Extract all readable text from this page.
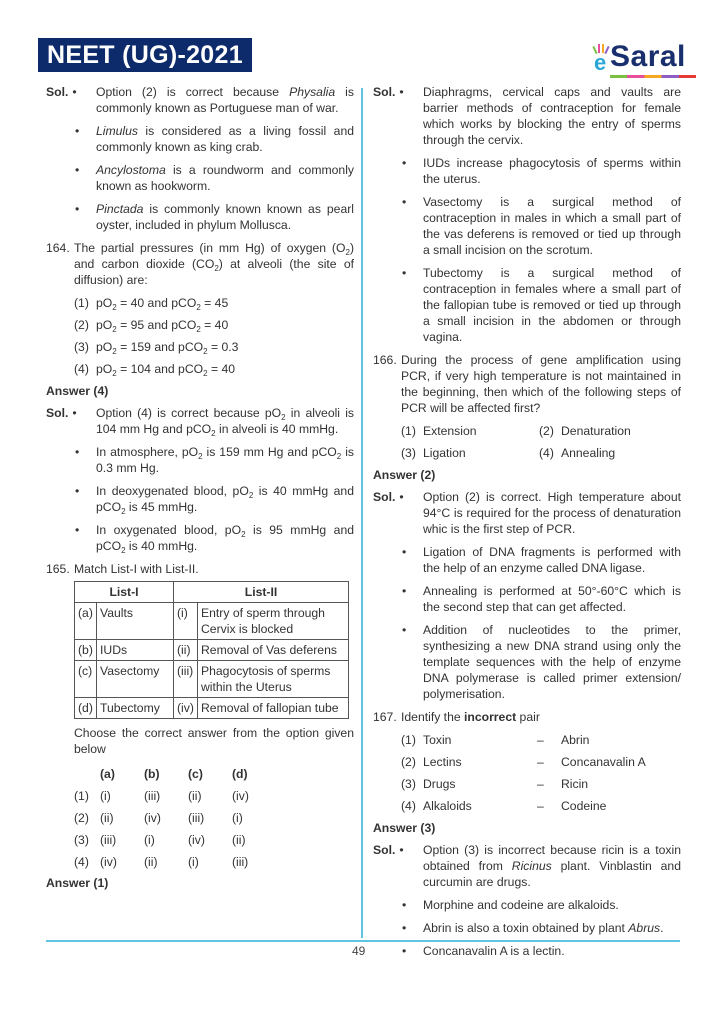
NEET (UG)-2021	e Saral
Sol. •	Option (2) is correct because Physalia is commonly known as Portuguese man of war.
•	Limulus is considered as a living fossil and commonly known as king crab.
•	Ancylostoma is a roundworm and commonly known as hookworm.
•	Pinctada is commonly known known as pearl oyster, included in phylum Mollusca.
164. The partial pressures (in mm Hg) of oxygen $(O_2)$ and carbon dioxide $(CO_2)$ at alveoli (the site of diffusion) are:
(1) $pO_2 = 40$ and pCO$_2$ = 45
(2) $pO_2 = 95$ and pCO$_2$ = 40
(3) $pO_2 = 159$ and pCO$_2$ = 0.3
(4) $pO_2 = 104$ and pCO$_2$ = 40
Answer (4)
Sol. •	Option (4) is correct because $pO_2$ in alveoli is 104 mm Hg and pCO$_2$ in alveoli is 40 mmHg.
•	In atmosphere, $pO_2$ is 159 mm Hg and pCO$_2$ is 0.3 mm Hg.
•	In deoxygenated blood, $pO_2$ is 40 mmHg and pCO$_2$ is 45 mmHg.
•	In oxygenated blood, $pO_2$ is 95 mmHg and pCO$_2$ is 40 mmHg.
165. Match List-I with List-II.
List-I		List-II	
(a)	Vaults	(i)	Entry of sperm through Cervix is blocked
(b)	IUDs	(ii)	Removal of Vas deferens
(c)	Vasectomy	(iii)	Phagocytosis of sperms within the Uterus
(d)	Tubectomy	(iv)	Removal of fallopian tube
Choose the correct answer from the option given below
(a)	(b)	(c)	(d)
(1) (i)	(iii)	(ii)	(iv)
(2) (ii)	(iv)	(iii)	(i)
(3) (iii)	(i)	(iv)	(ii)
(4) (iv)	(ii)	(i)	(iii)
Answer (1)
Sol. •	Diaphragms, cervical caps and vaults are barrier methods of contraception for female which works by blocking the entry of sperms through the cervix.
•	IUDs increase phagocytosis of sperms within the uterus.
•	Vasectomy is a surgical method of contraception in males in which a small part of the vas deferens is removed or tied up through a small incision on the scrotum.
•	Tubectomy is a surgical method of contraception in females where a small part of the fallopian tube is removed or tied up through a small incision in the abdomen or through vagina.
166. During the process of gene amplification using PCR, if very high temperature is not maintained in the beginning, then which of the following steps of PCR will be affected first?
(1) Extension	(2) Denaturation
(3) Ligation	(4) Annealing
Answer (2)
Sol. •	Option (2) is correct. High temperature about 94°C is required for the process of denaturation whic is the first step of PCR.
•	Ligation of DNA fragments is performed with the help of an enzyme called DNA ligase.
•	Annealing is performed at 50°-60°C which is the second step that can get affected.
•	Addition of nucleotides to the primer, synthesizing a new DNA strand using only the template sequences with the help of enzyme DNA polymerase is called primer extension/ polymerisation.
167. Identify the incorrect pair
(1) Toxin	–	Abrin
(2) Lectins	–	Concanavalin A
(3) Drugs	–	Ricin
(4) Alkaloids	–	Codeine
Answer (3)
Sol. •	Option (3) is incorrect because ricin is a toxin obtained from Ricinus plant. Vinblastin and curcumin are drugs.
•	Morphine and codeine are alkaloids.
•	Abrin is also a toxin obtained by plant Abrus.
•	Concanavalin A is a lectin.
49
